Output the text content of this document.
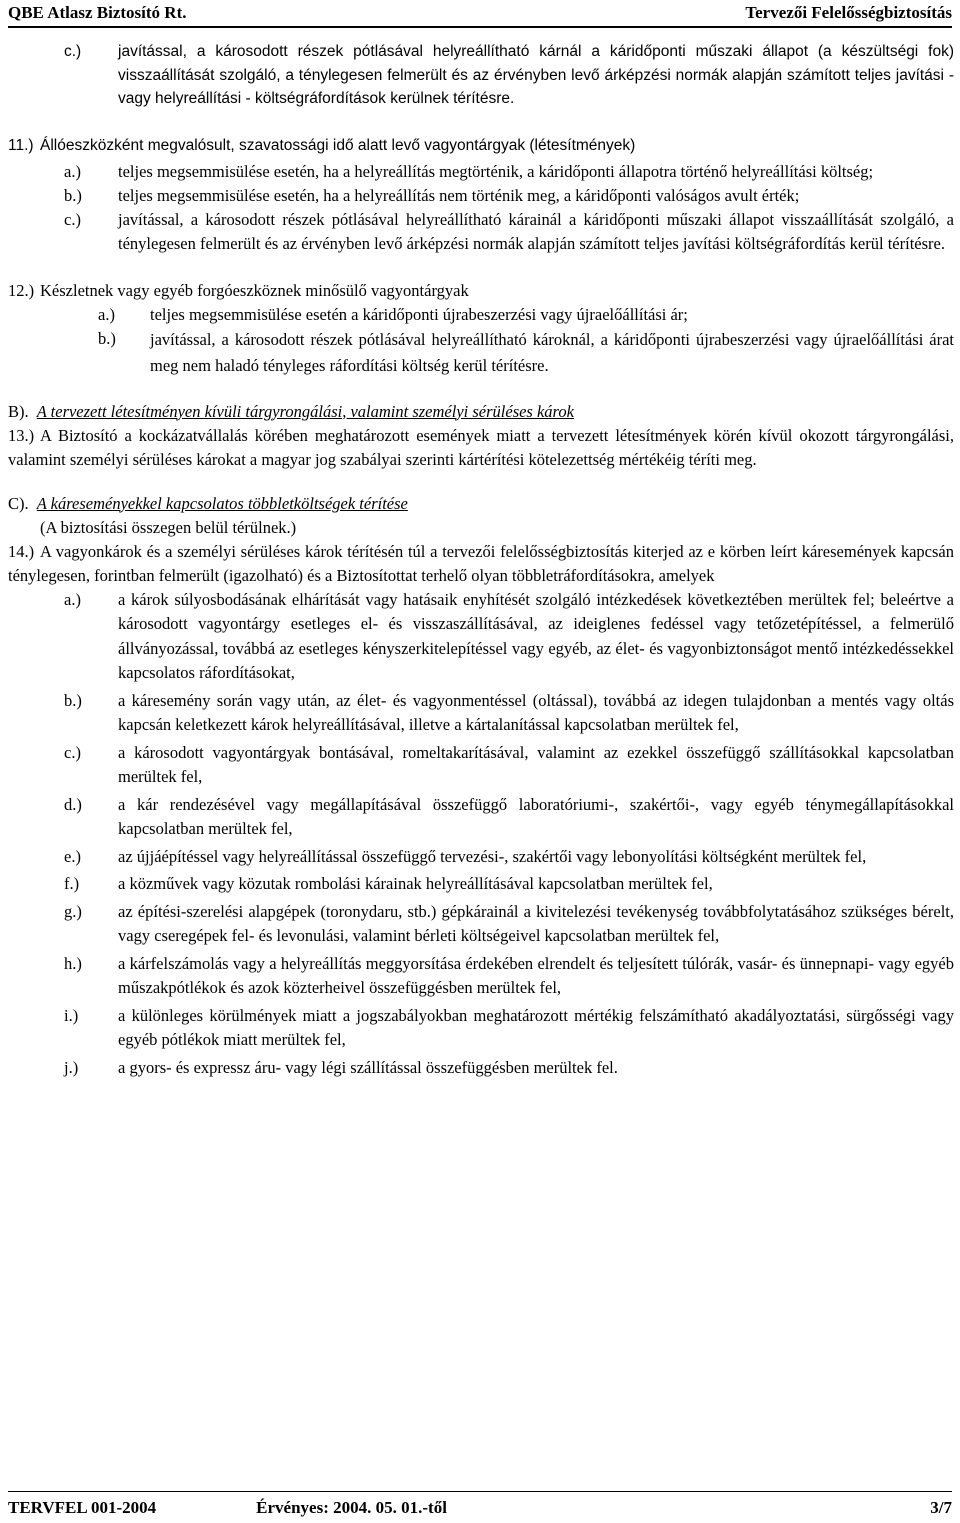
QBE Atlasz Biztosító Rt.	Tervezői Felelősségbiztosítás
c.)	javítással, a károsodott részek pótlásával helyreállítható kárnál a káridőponti műszaki állapot (a készültségi fok) visszaállítását szolgáló, a ténylegesen felmerült és az érvényben levő árképzési normák alapján számított teljes javítási - vagy helyreállítási - költségráfordítások kerülnek térítésre.
11.) Állóeszközként megvalósult, szavatossági idő alatt levő vagyontárgyak (létesítmények)
a.)	teljes megsemmisülése esetén, ha a helyreállítás megtörténik, a káridőponti állapotra történő helyreállítási költség;
b.)	teljes megsemmisülése esetén, ha a helyreállítás nem történik meg, a káridőponti valóságos avult érték;
c.)	javítással, a károsodott részek pótlásával helyreállítható kárainál a káridőponti műszaki állapot visszaállítását szolgáló, a ténylegesen felmerült és az érvényben levő árképzési normák alapján számított teljes javítási költségráfordítás kerül térítésre.
12.) Készletnek vagy egyéb forgóeszköznek minősülő vagyontárgyak
a.)	teljes megsemmisülése esetén a káridőponti újrabeszerzési vagy újraelőállítási ár;
b.)	javítással, a károsodott részek pótlásával helyreállítható károknál, a káridőponti újrabeszerzési vagy újraelőállítási árat meg nem haladó tényleges ráfordítási költség kerül térítésre.
B). A tervezett létesítményen kívüli tárgyrongálási, valamint személyi sérüléses károk
13.) A Biztosító a kockázatvállalás körében meghatározott események miatt a tervezett létesítmények körén kívül okozott tárgyrongálási, valamint személyi sérüléses károkat a magyar jog szabályai szerinti kártérítési kötelezettség mértékéig téríti meg.
C). A káreseményekkel kapcsolatos többletköltségek térítése
(A biztosítási összegen belül térülnek.)
14.) A vagyonkárok és a személyi sérüléses károk térítésén túl a tervezői felelősségbiztosítás kiterjed az e körben leírt káresemények kapcsán ténylegesen, forintban felmerült (igazolható) és a Biztosítottat terhelő olyan többletráfordításokra, amelyek
a.)	a károk súlyosbodásának elhárítását vagy hatásaik enyhítését szolgáló intézkedések következtében merültek fel; beleértve a károsodott vagyontárgy esetleges el- és visszaszállításával, az ideiglenes fedéssel vagy tetőzetépítéssel, a felmerülő állványozással, továbbá az esetleges kényszerkitelepítéssel vagy egyéb, az élet- és vagyonbiztonságot mentő intézkedéssekkel kapcsolatos ráfordításokat,
b.)	a káresemény során vagy után, az élet- és vagyonmentéssel (oltással), továbbá az idegen tulajdonban a mentés vagy oltás kapcsán keletkezett károk helyreállításával, illetve a kártalanítással kapcsolatban merültek fel,
c.)	a károsodott vagyontárgyak bontásával, romeltakarításával, valamint az ezekkel összefüggő szállításokkal kapcsolatban merültek fel,
d.)	a kár rendezésével vagy megállapításával összefüggő laboratóriumi-, szakértői-, vagy egyéb ténymegállapításokkal kapcsolatban merültek fel,
e.)	az újjáépítéssel vagy helyreállítással összefüggő tervezési-, szakértői vagy lebonyolítási költségként merültek fel,
f.)	a közművek vagy közutak rombolási kárainak helyreállításával kapcsolatban merültek fel,
g.)	az építési-szerelési alapgépek (toronydaru, stb.) gépkárainál a kivitelezési tevékenység továbbfolytatásához szükséges bérelt, vagy cseregépek fel- és levonulási, valamint bérleti költségeivel kapcsolatban merültek fel,
h.)	a kárfelszámolás vagy a helyreállítás meggyorsítása érdekében elrendelt és teljesített túlórák, vasár- és ünnepnapi- vagy egyéb műszakpótlékok és azok közterheivel összefüggésben merültek fel,
i.)	a különleges körülmények miatt a jogszabályokban meghatározott mértékig felszámítható akadályoztatási, sürgősségi vagy egyéb pótlékok miatt merültek fel,
j.)	a gyors- és expressz áru- vagy légi szállítással összefüggésben merültek fel.
TERVFEL 001-2004	Érvényes: 2004. 05. 01.-től	3/7
